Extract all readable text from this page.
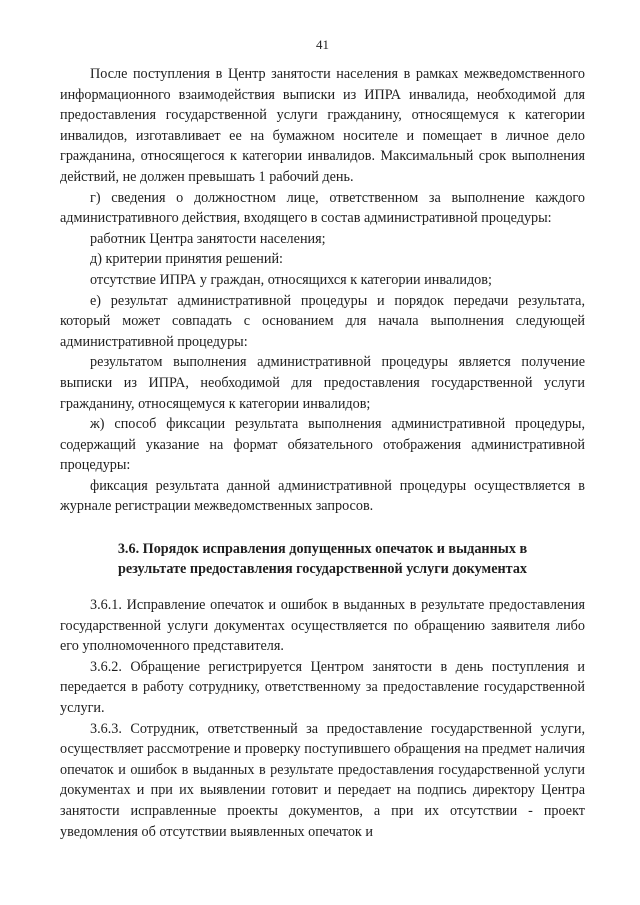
41

После поступления в Центр занятости населения в рамках межведомственного информационного взаимодействия выписки из ИПРА инвалида, необходимой для предоставления государственной услуги гражданину, относящемуся к категории инвалидов, изготавливает ее на бумажном носителе и помещает в личное дело гражданина, относящегося к категории инвалидов. Максимальный срок выполнения действий, не должен превышать 1 рабочий день.

г) сведения о должностном лице, ответственном за выполнение каждого административного действия, входящего в состав административной процедуры:

работник Центра занятости населения;

д) критерии принятия решений:

отсутствие ИПРА у граждан, относящихся к категории инвалидов;

е) результат административной процедуры и порядок передачи результата, который может совпадать с основанием для начала выполнения следующей административной процедуры:

результатом выполнения административной процедуры является получение выписки из ИПРА, необходимой для предоставления государственной услуги гражданину, относящемуся к категории инвалидов;

ж) способ фиксации результата выполнения административной процедуры, содержащий указание на формат обязательного отображения административной процедуры:

фиксация результата данной административной процедуры осуществляется в журнале регистрации межведомственных запросов.

3.6. Порядок исправления допущенных опечаток и выданных в результате предоставления государственной услуги документах

3.6.1. Исправление опечаток и ошибок в выданных в результате предоставления государственной услуги документах осуществляется по обращению заявителя либо его уполномоченного представителя.

3.6.2. Обращение регистрируется Центром занятости в день поступления и передается в работу сотруднику, ответственному за предоставление государственной услуги.

3.6.3. Сотрудник, ответственный за предоставление государственной услуги, осуществляет рассмотрение и проверку поступившего обращения на предмет наличия опечаток и ошибок в выданных в результате предоставления государственной услуги документах и при их выявлении готовит и передает на подпись директору Центра занятости исправленные проекты документов, а при их отсутствии - проект уведомления об отсутствии выявленных опечаток и
